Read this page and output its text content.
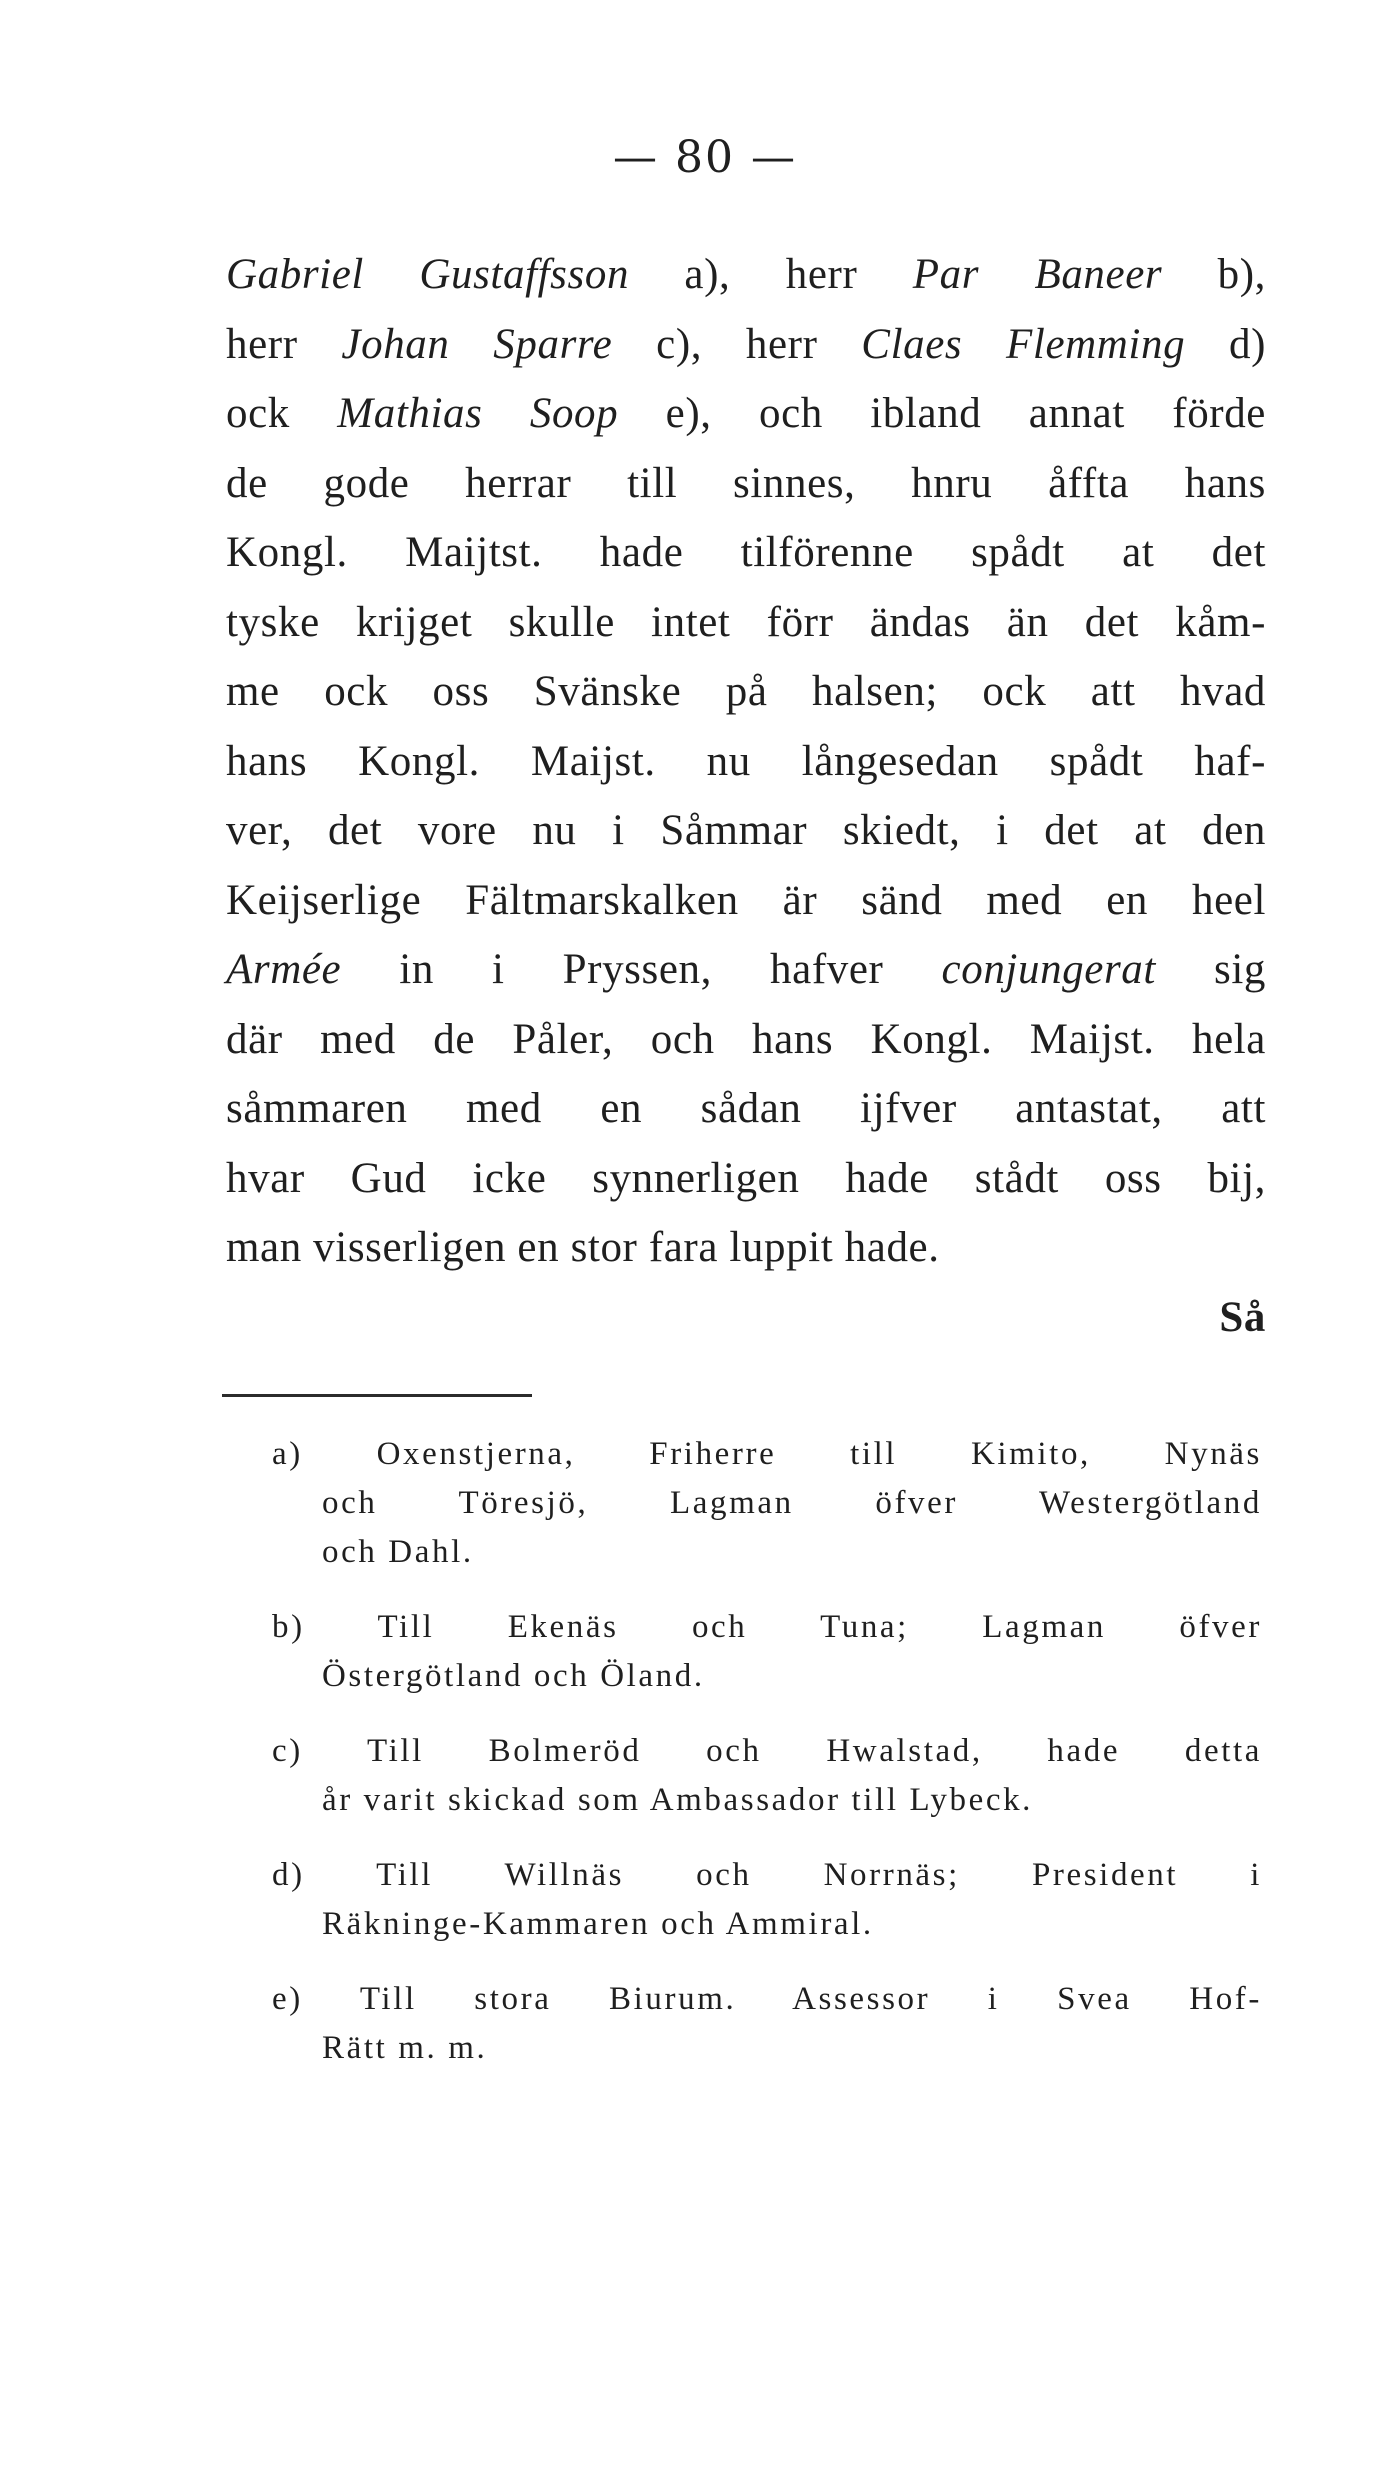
— 80 —
Gabriel Gustaffsson a), herr Par Baneer b),
herr Johan Sparre c), herr Claes Flemming d)
ock Mathias Soop e), och ibland annat förde
de gode herrar till sinnes, hnru åffta hans
Kongl. Maijtst. hade tilförenne spådt at det
tyske krijget skulle intet förr ändas än det kåm-
me ock oss Svänske på halsen; ock att hvad
hans Kongl. Maijst. nu långesedan spådt haf-
ver, det vore nu i Såmmar skiedt, i det at den
Keijserlige Fältmarskalken är sänd med en heel
Armée in i Pryssen, hafver conjungerat sig
där med de Påler, och hans Kongl. Maijst. hela
såmmaren med en sådan ijfver antastat, att
hvar Gud icke synnerligen hade stådt oss bij,
man visserligen en stor fara luppit hade.
Så
a) Oxenstjerna, Friherre till Kimito, Nynäs
och Töresjö, Lagman öfver Westergötland
och Dahl.
b) Till Ekenäs och Tuna; Lagman öfver
Östergötland och Öland.
c) Till Bolmeröd och Hwalstad, hade detta
år varit skickad som Ambassador till Lybeck.
d) Till Willnäs och Norrnäs; President i
Räkninge-Kammaren och Ammiral.
e) Till stora Biurum. Assessor i Svea Hof-
Rätt m. m.
